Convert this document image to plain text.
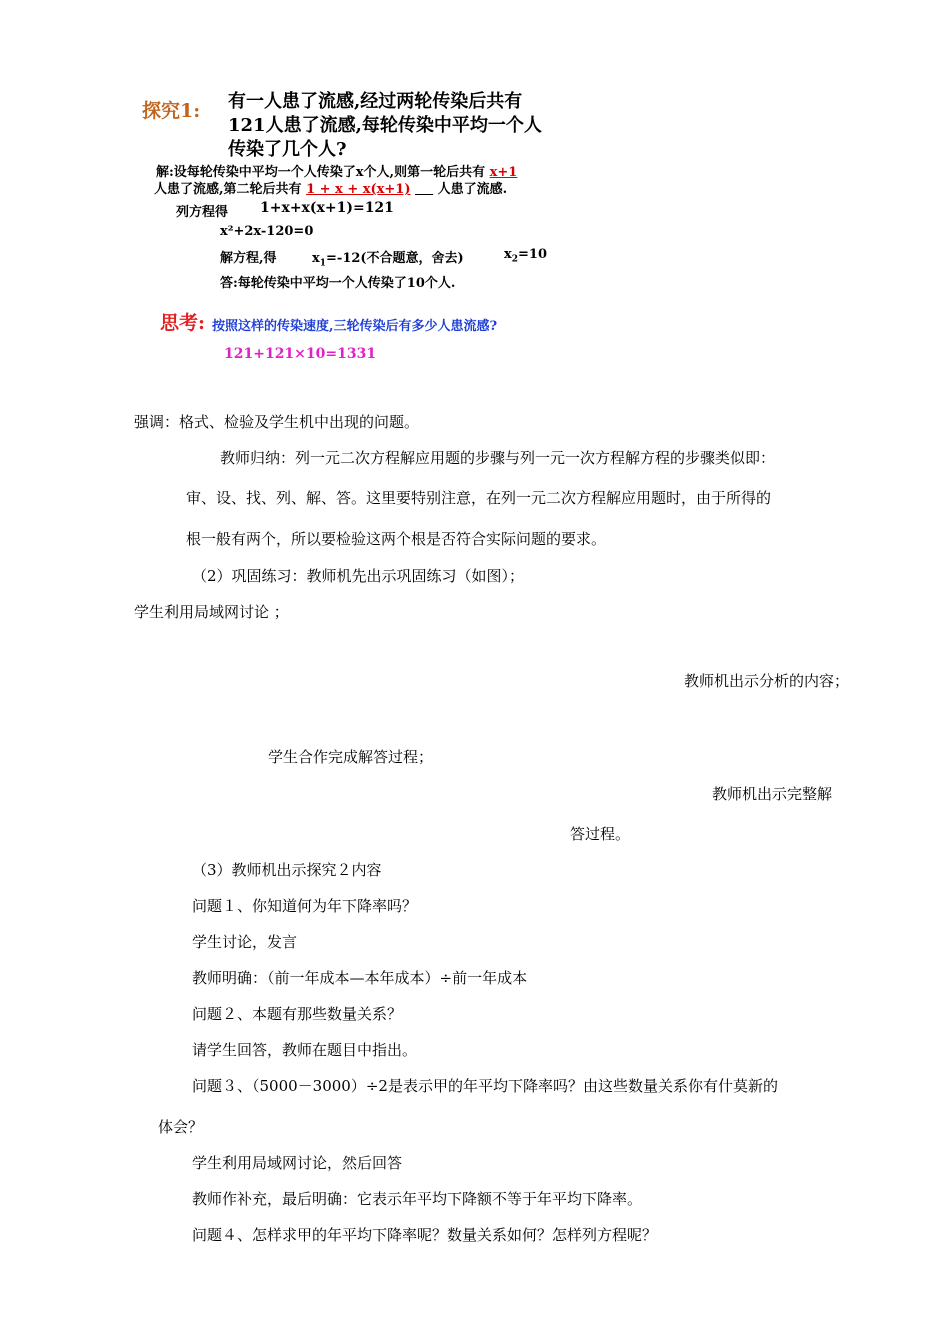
探究1: 有一人患了流感,经过两轮传染后共有
121人患了流感,每轮传染中平均一个人
传染了几个人?
解:设每轮传染中平均一个人传染了x个人,则第一轮后共有 x+1
人患了流感,第二轮后共有 1 + x + x(x+1) 人患了流感.
列方程得 1+x+x(x+1)=121
x²+2x-120=0
解方程,得	$x_1=-12$(不合题意，舍去)	$x_2=10$
答:每轮传染中平均一个人传染了10个人.
思考: 按照这样的传染速度,三轮传染后有多少人患流感?
121+121×10=1331
强调：格式、检验及学生机中出现的问题。
教师归纳：列一元二次方程解应用题的步骤与列一元一次方程解方程的步骤类似即：
审、设、找、列、解、答。这里要特别注意，在列一元二次方程解应用题时，由于所得的
根一般有两个，所以要检验这两个根是否符合实际问题的要求。
（2）巩固练习：教师机先出示巩固练习（如图）；
学生利用局域网讨论 ；
教师机出示分析的内容；
学生合作完成解答过程；
教师机出示完整解
答过程。
（3）教师机出示探究２内容
问题１、你知道何为年下降率吗？
学生讨论，发言
教师明确：（前一年成本—本年成本）÷前一年成本
问题２、本题有那些数量关系？
请学生回答，教师在题目中指出。
问题３、（5000－3000）÷2是表示甲的年平均下降率吗？由这些数量关系你有什莫新的
体会？
学生利用局域网讨论，然后回答
教师作补充，最后明确：它表示年平均下降额不等于年平均下降率。
问题４、怎样求甲的年平均下降率呢？数量关系如何？怎样列方程呢？
